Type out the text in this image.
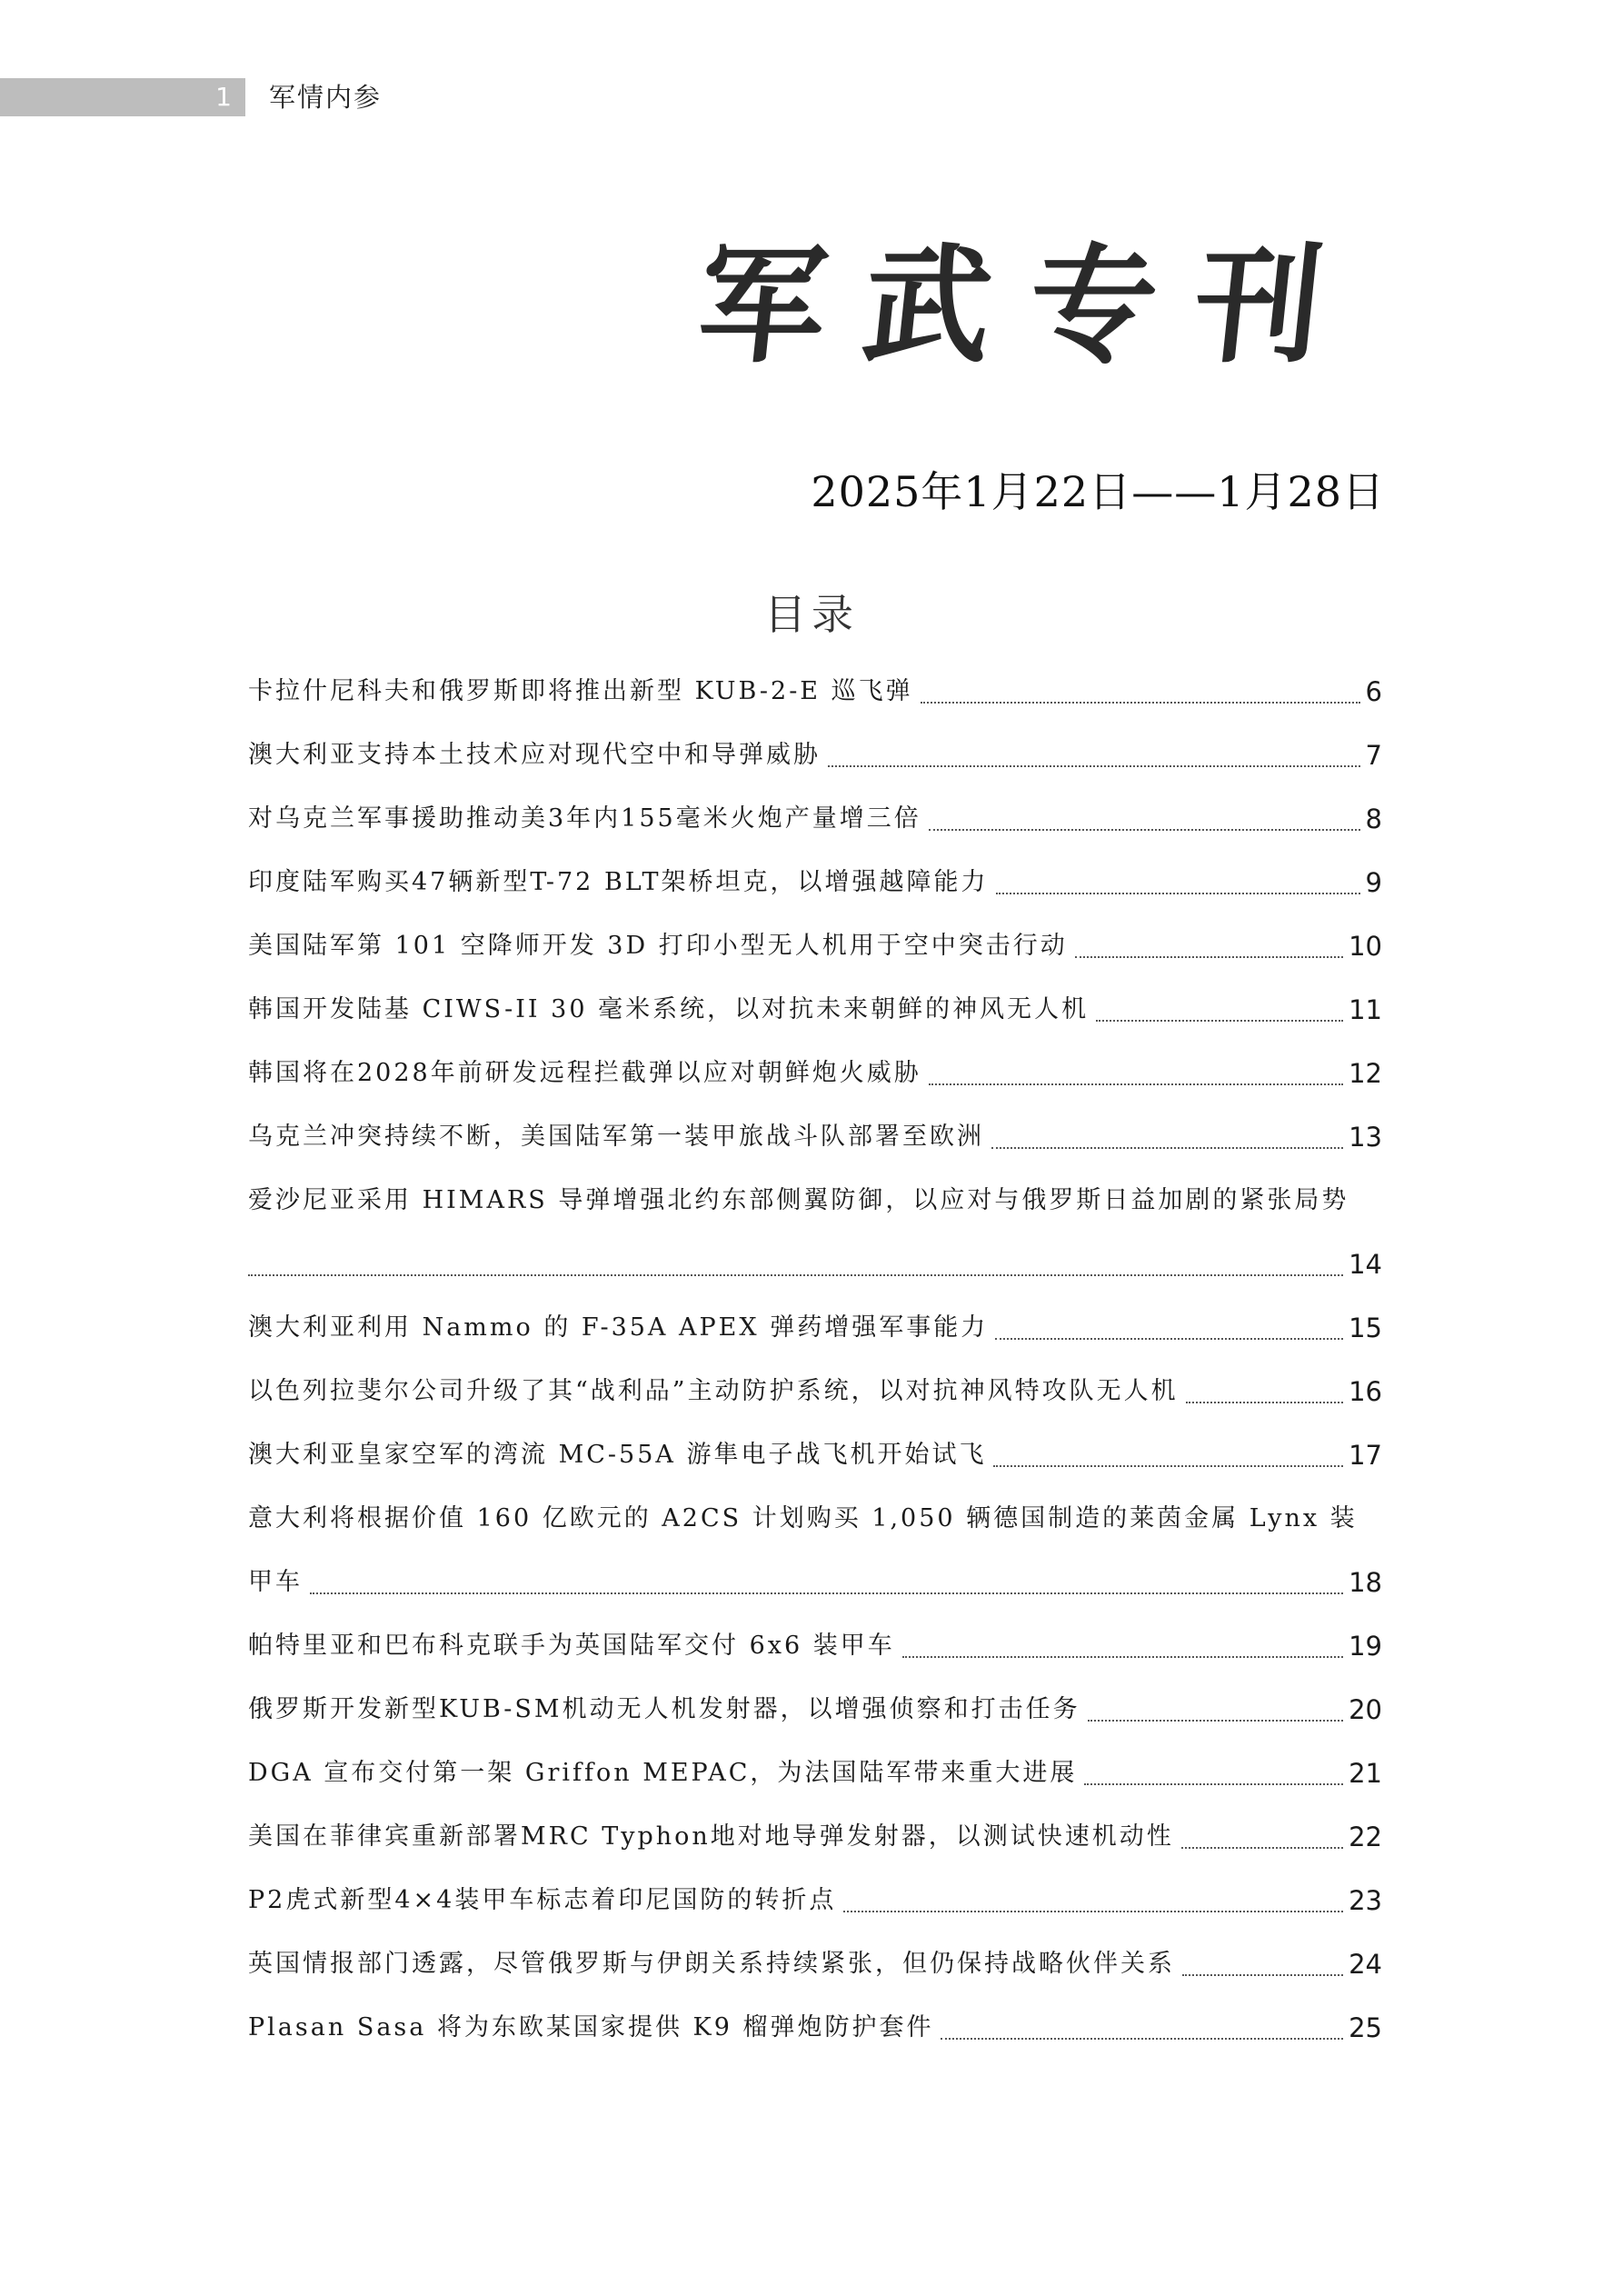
1	军情内参
军武专刊
2025年1月22日——1月28日
目录
卡拉什尼科夫和俄罗斯即将推出新型 KUB-2-E 巡飞弹	6
澳大利亚支持本土技术应对现代空中和导弹威胁	7
对乌克兰军事援助推动美3年内155毫米火炮产量增三倍	8
印度陆军购买47辆新型T-72 BLT架桥坦克，以增强越障能力	9
美国陆军第 101 空降师开发 3D 打印小型无人机用于空中突击行动	10
韩国开发陆基 CIWS-II 30 毫米系统，以对抗未来朝鲜的神风无人机	11
韩国将在2028年前研发远程拦截弹以应对朝鲜炮火威胁	12
乌克兰冲突持续不断，美国陆军第一装甲旅战斗队部署至欧洲	13
爱沙尼亚采用 HIMARS 导弹增强北约东部侧翼防御，以应对与俄罗斯日益加剧的紧张局势
14
澳大利亚利用 Nammo 的 F-35A APEX 弹药增强军事能力	15
以色列拉斐尔公司升级了其“战利品”主动防护系统，以对抗神风特攻队无人机	16
澳大利亚皇家空军的湾流 MC-55A 游隼电子战飞机开始试飞	17
意大利将根据价值 160 亿欧元的 A2CS 计划购买 1,050 辆德国制造的莱茵金属 Lynx 装
甲车	18
帕特里亚和巴布科克联手为英国陆军交付 6x6 装甲车	19
俄罗斯开发新型KUB-SM机动无人机发射器，以增强侦察和打击任务	20
DGA 宣布交付第一架 Griffon MEPAC，为法国陆军带来重大进展	21
美国在菲律宾重新部署MRC Typhon地对地导弹发射器，以测试快速机动性	22
P2虎式新型4×4装甲车标志着印尼国防的转折点	23
英国情报部门透露，尽管俄罗斯与伊朗关系持续紧张，但仍保持战略伙伴关系	24
Plasan Sasa 将为东欧某国家提供 K9 榴弹炮防护套件	25
